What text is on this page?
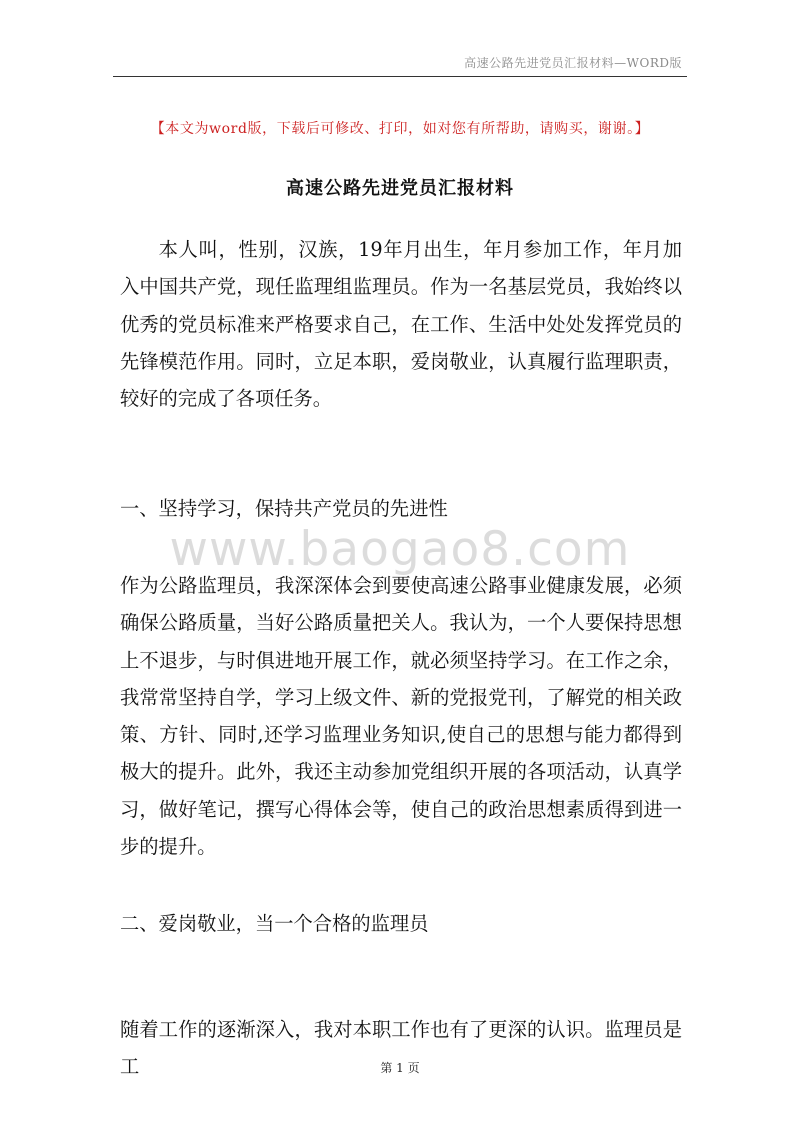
高速公路先进党员汇报材料—WORD版
【本文为word版，下载后可修改、打印，如对您有所帮助，请购买，谢谢。】
高速公路先进党员汇报材料

本人叫，性别，汉族，19年月出生，年月参加工作，年月加入中国共产党，现任监理组监理员。作为一名基层党员，我始终以优秀的党员标准来严格要求自己，在工作、生活中处处发挥党员的先锋模范作用。同时，立足本职，爱岗敬业，认真履行监理职责，较好的完成了各项任务。

一、坚持学习，保持共产党员的先进性
www.baogao8.com

作为公路监理员，我深深体会到要使高速公路事业健康发展，必须确保公路质量，当好公路质量把关人。我认为，一个人要保持思想上不退步，与时俱进地开展工作，就必须坚持学习。在工作之余，我常常坚持自学，学习上级文件、新的党报党刊，了解党的相关政策、方针、同时,还学习监理业务知识,使自己的思想与能力都得到极大的提升。此外，我还主动参加党组织开展的各项活动，认真学习，做好笔记，撰写心得体会等，使自己的政治思想素质得到进一步的提升。

二、爱岗敬业，当一个合格的监理员

随着工作的逐渐深入，我对本职工作也有了更深的认识。监理员是工	第 1 页
